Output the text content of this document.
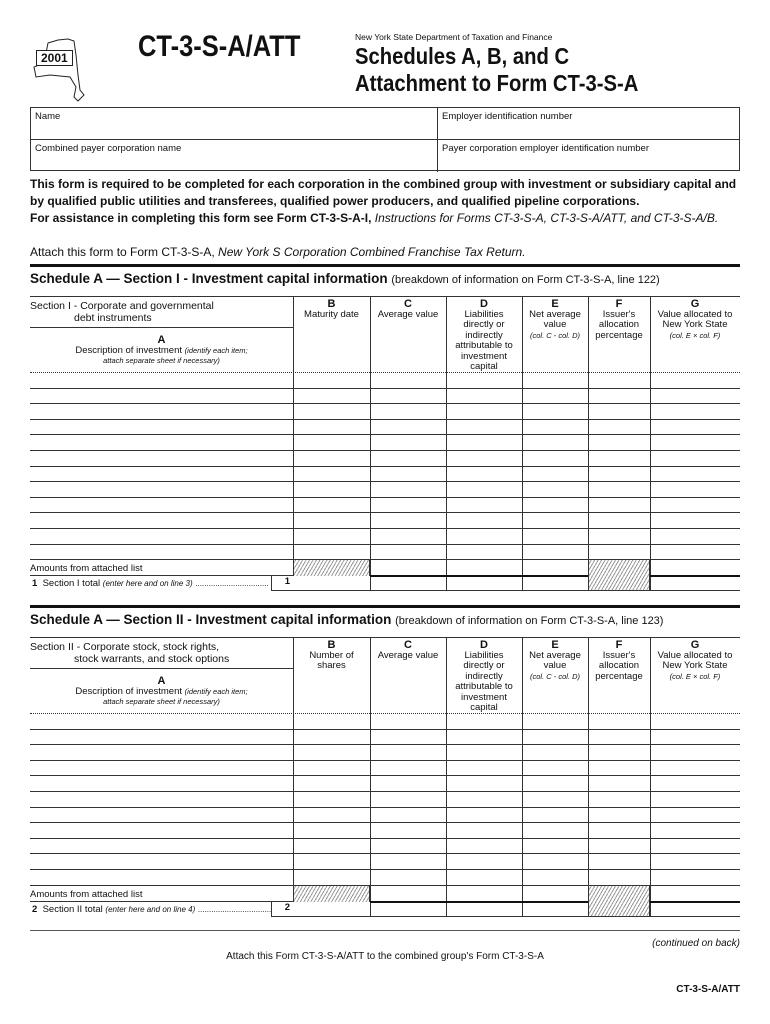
2001 CT-3-S-A/ATT	New York State Department of Taxation and Finance
Schedules A, B, and C
Attachment to Form CT-3-S-A
Name	Employer identification number
Combined payer corporation name	Payer corporation employer identification number
This form is required to be completed for each corporation in the combined group with investment or subsidiary capital and by qualified public utilities and transferees, qualified power producers, and qualified pipeline corporations.
For assistance in completing this form see Form CT-3-S-A-I, Instructions for Forms CT-3-S-A, CT-3-S-A/ATT, and CT-3-S-A/B.
Attach this form to Form CT-3-S-A, New York S Corporation Combined Franchise Tax Return.
Schedule A — Section I - Investment capital information (breakdown of information on Form CT-3-S-A, line 122)
Section I - Corporate and governmental
debt instruments
A
Description of investment (identify each item;
attach separate sheet if necessary)
B
Maturity date
C
Average value
D
Liabilities directly or indirectly attributable to investment capital
E
Net average value
(col. C - col. D)
F
Issuer's allocation percentage
G
Value allocated to New York State
(col. E × col. F)
Amounts from attached list
1 Section I total (enter here and on line 3) .................................	1
Schedule A — Section II - Investment capital information (breakdown of information on Form CT-3-S-A, line 123)
Section II - Corporate stock, stock rights,
stock warrants, and stock options
A
Description of investment (identify each item;
attach separate sheet if necessary)
B
Number of shares
C
Average value
D
Liabilities directly or indirectly attributable to investment capital
E
Net average value
(col. C - col. D)
F
Issuer's allocation percentage
G
Value allocated to New York State
(col. E × col. F)
Amounts from attached list
2 Section II total (enter here and on line 4) .................................	2
(continued on back)
Attach this Form CT-3-S-A/ATT to the combined group's Form CT-3-S-A
CT-3-S-A/ATT
